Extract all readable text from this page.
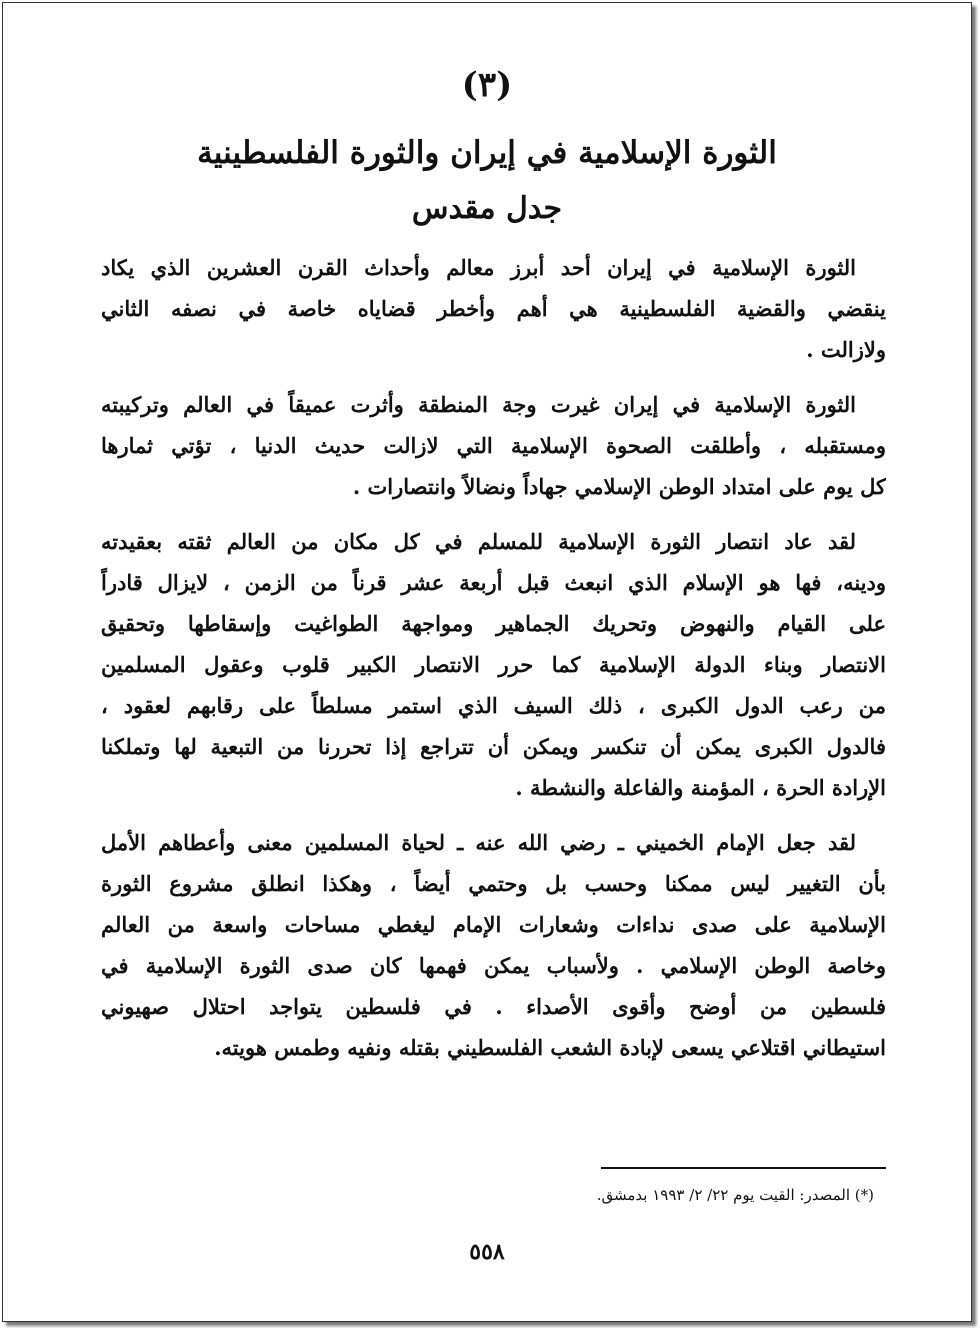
(٣)
الثورة الإسلامية في إيران والثورة الفلسطينية
جدل مقدس
الثورة الإسلامية في إيران أحد أبرز معالم وأحداث القرن العشرين الذي يكاد
ينقضي والقضية الفلسطينية هي أهم وأخطر قضاياه خاصة في نصفه الثاني
ولازالت .
الثورة الإسلامية في إيران غيرت وجة المنطقة وأثرت عميقاً في العالم وتركيبته
ومستقبله ، وأطلقت الصحوة الإسلامية التي لازالت حديث الدنيا ، تؤتي ثمارها
كل يوم على امتداد الوطن الإسلامي جهاداً ونضالاً وانتصارات .
لقد عاد انتصار الثورة الإسلامية للمسلم في كل مكان من العالم ثقته بعقيدته
ودينه، فها هو الإسلام الذي انبعث قبل أربعة عشر قرناً من الزمن ، لايزال قادراً
على القيام والنهوض وتحريك الجماهير ومواجهة الطواغيت وإسقاطها وتحقيق
الانتصار وبناء الدولة الإسلامية كما حرر الانتصار الكبير قلوب وعقول المسلمين
من رعب الدول الكبرى ، ذلك السيف الذي استمر مسلطاً على رقابهم لعقود ،
فالدول الكبرى يمكن أن تنكسر ويمكن أن تتراجع إذا تحررنا من التبعية لها وتملكنا
الإرادة الحرة ، المؤمنة والفاعلة والنشطة .
لقد جعل الإمام الخميني ـ رضي الله عنه ـ لحياة المسلمين معنى وأعطاهم الأمل
بأن التغيير ليس ممكنا وحسب بل وحتمي أيضاً ، وهكذا انطلق مشروع الثورة
الإسلامية على صدى نداءات وشعارات الإمام ليغطي مساحات واسعة من العالم
وخاصة الوطن الإسلامي . ولأسباب يمكن فهمها كان صدى الثورة الإسلامية في
فلسطين من أوضح وأقوى الأصداء . في فلسطين يتواجد احتلال صهيوني
استيطاني اقتلاعي يسعى لإبادة الشعب الفلسطيني بقتله ونفيه وطمس هويته.
(*) المصدر: القيت يوم ٢٢/ ٢/ ١٩٩٣ بدمشق.
٥٥٨
